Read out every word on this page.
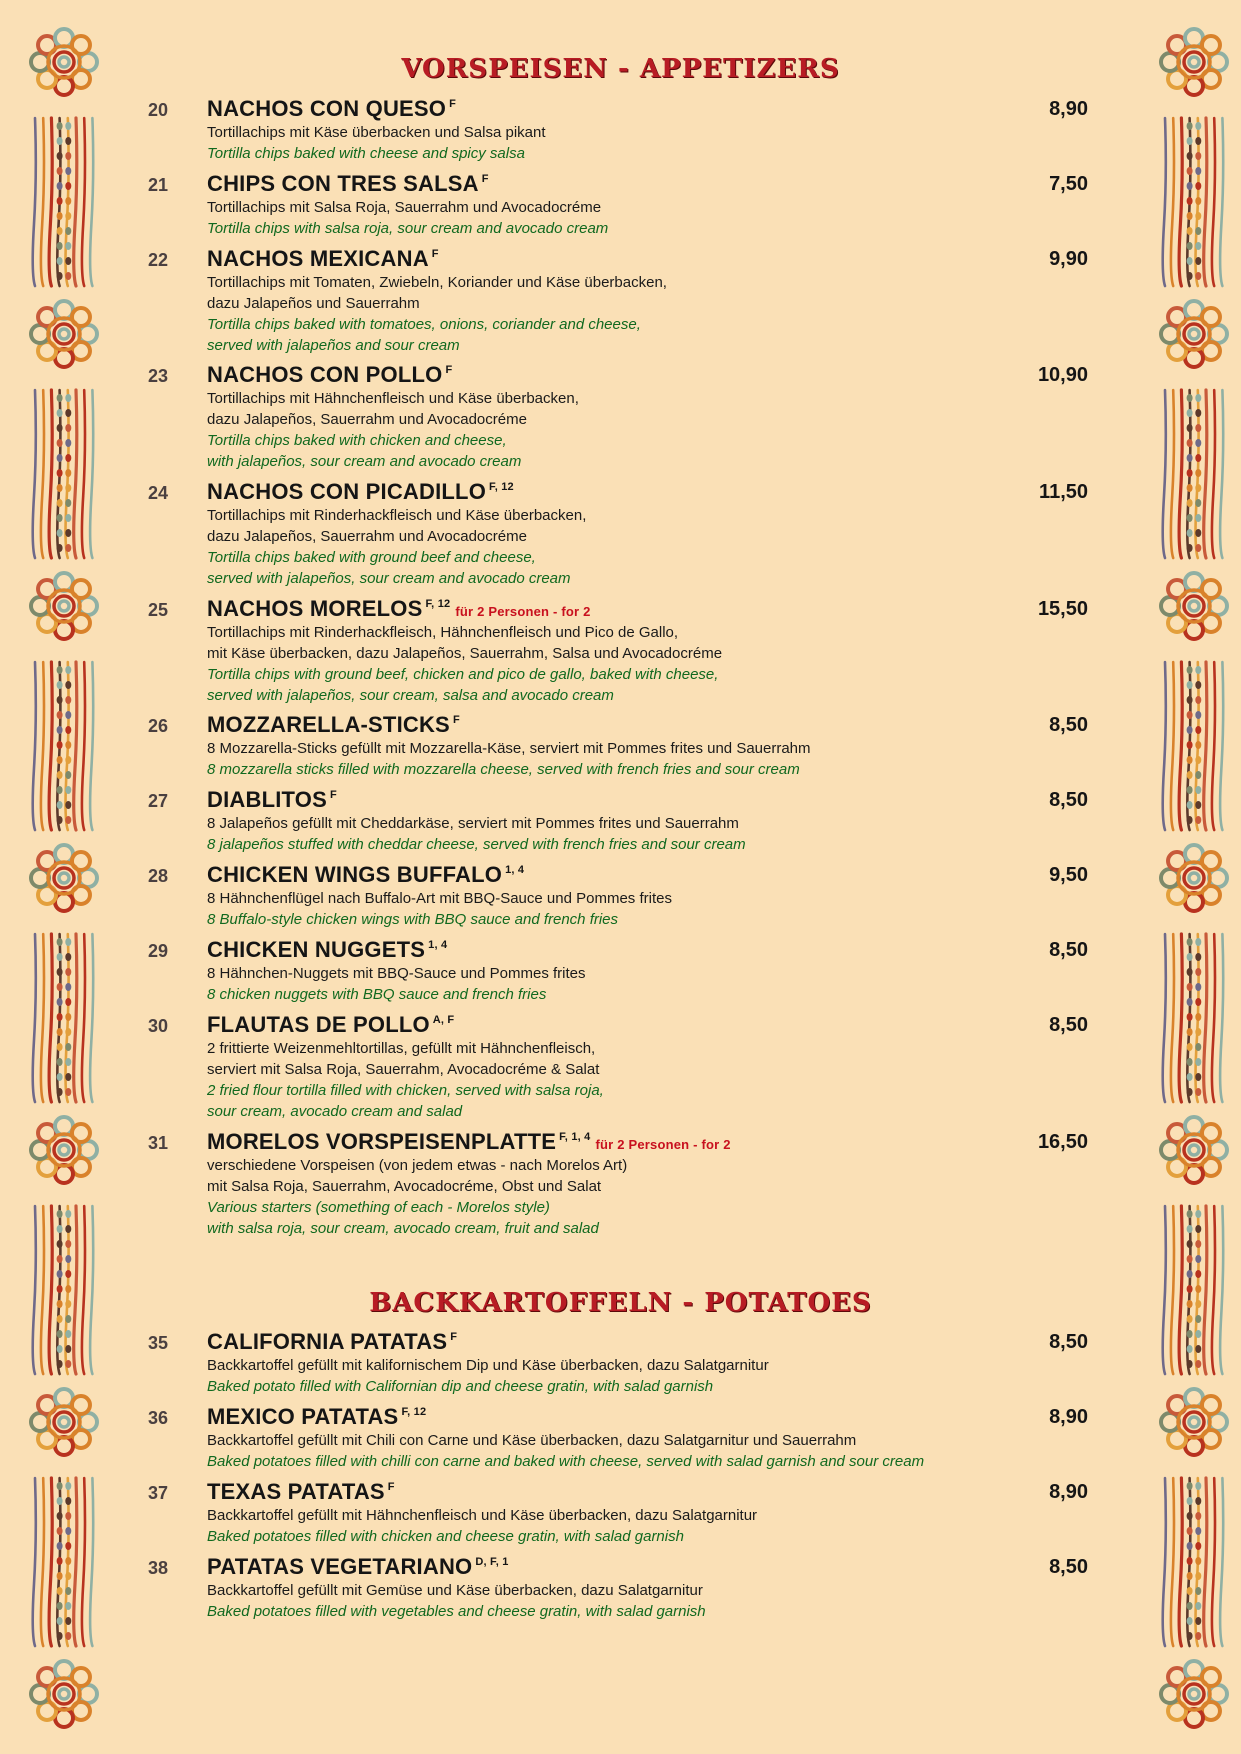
VORSPEISEN - APPETIZERS
20	NACHOS CON QUESO $^F$	8,90
Tortillachips mit Käse überbacken und Salsa pikant
Tortilla chips baked with cheese and spicy salsa
21	CHIPS CON TRES SALSA $^F$	7,50
Tortillachips mit Salsa Roja, Sauerrahm und Avocadocréme
Tortilla chips with salsa roja, sour cream and avocado cream
22	NACHOS MEXICANA $^F$	9,90
Tortillachips mit Tomaten, Zwiebeln, Koriander und Käse überbacken,
dazu Jalapeños und Sauerrahm
Tortilla chips baked with tomatoes, onions, coriander and cheese,
served with jalapeños and sour cream
23	NACHOS CON POLLO $^F$	10,90
Tortillachips mit Hähnchenfleisch und Käse überbacken,
dazu Jalapeños, Sauerrahm und Avocadocréme
Tortilla chips baked with chicken and cheese,
with jalapeños, sour cream and avocado cream
24	NACHOS CON PICADILLO $^{F, 12}$	11,50
Tortillachips mit Rinderhackfleisch und Käse überbacken,
dazu Jalapeños, Sauerrahm und Avocadocréme
Tortilla chips baked with ground beef and cheese,
served with jalapeños, sour cream and avocado cream
25	NACHOS MORELOS $^{F, 12}$ für 2 Personen - for 2	15,50
Tortillachips mit Rinderhackfleisch, Hähnchenfleisch und Pico de Gallo,
mit Käse überbacken, dazu Jalapeños, Sauerrahm, Salsa und Avocadocréme
Tortilla chips with ground beef, chicken and pico de gallo, baked with cheese,
served with jalapeños, sour cream, salsa and avocado cream
26	MOZZARELLA-STICKS $^F$	8,50
8 Mozzarella-Sticks gefüllt mit Mozzarella-Käse, serviert mit Pommes frites und Sauerrahm
8 mozzarella sticks filled with mozzarella cheese, served with french fries and sour cream
27	DIABLITOS $^F$	8,50
8 Jalapeños gefüllt mit Cheddarkäse, serviert mit Pommes frites und Sauerrahm
8 jalapeños stuffed with cheddar cheese, served with french fries and sour cream
28	CHICKEN WINGS BUFFALO $^{1, 4}$	9,50
8 Hähnchenflügel nach Buffalo-Art mit BBQ-Sauce und Pommes frites
8 Buffalo-style chicken wings with BBQ sauce and french fries
29	CHICKEN NUGGETS $^{1, 4}$	8,50
8 Hähnchen-Nuggets mit BBQ-Sauce und Pommes frites
8 chicken nuggets with BBQ sauce and french fries
30	FLAUTAS DE POLLO $^{A, F}$	8,50
2 frittierte Weizenmehltortillas, gefüllt mit Hähnchenfleisch,
serviert mit Salsa Roja, Sauerrahm, Avocadocréme & Salat
2 fried flour tortilla filled with chicken, served with salsa roja,
sour cream, avocado cream and salad
31	MORELOS VORSPEISENPLATTE $^{F, 1, 4}$ für 2 Personen - for 2	16,50
verschiedene Vorspeisen (von jedem etwas - nach Morelos Art)
mit Salsa Roja, Sauerrahm, Avocadocréme, Obst und Salat
Various starters (something of each - Morelos style)
with salsa roja, sour cream, avocado cream, fruit and salad
BACKKARTOFFELN - POTATOES
35	CALIFORNIA PATATAS $^F$	8,50
Backkartoffel gefüllt mit kalifornischem Dip und Käse überbacken, dazu Salatgarnitur
Baked potato filled with Californian dip and cheese gratin, with salad garnish
36	MEXICO PATATAS $^{F, 12}$	8,90
Backkartoffel gefüllt mit Chili con Carne und Käse überbacken, dazu Salatgarnitur und Sauerrahm
Baked potatoes filled with chilli con carne and baked with cheese, served with salad garnish and sour cream
37	TEXAS PATATAS $^F$	8,90
Backkartoffel gefüllt mit Hähnchenfleisch und Käse überbacken, dazu Salatgarnitur
Baked potatoes filled with chicken and cheese gratin, with salad garnish
38	PATATAS VEGETARIANO $^{D, F, 1}$	8,50
Backkartoffel gefüllt mit Gemüse und Käse überbacken, dazu Salatgarnitur
Baked potatoes filled with vegetables and cheese gratin, with salad garnish
